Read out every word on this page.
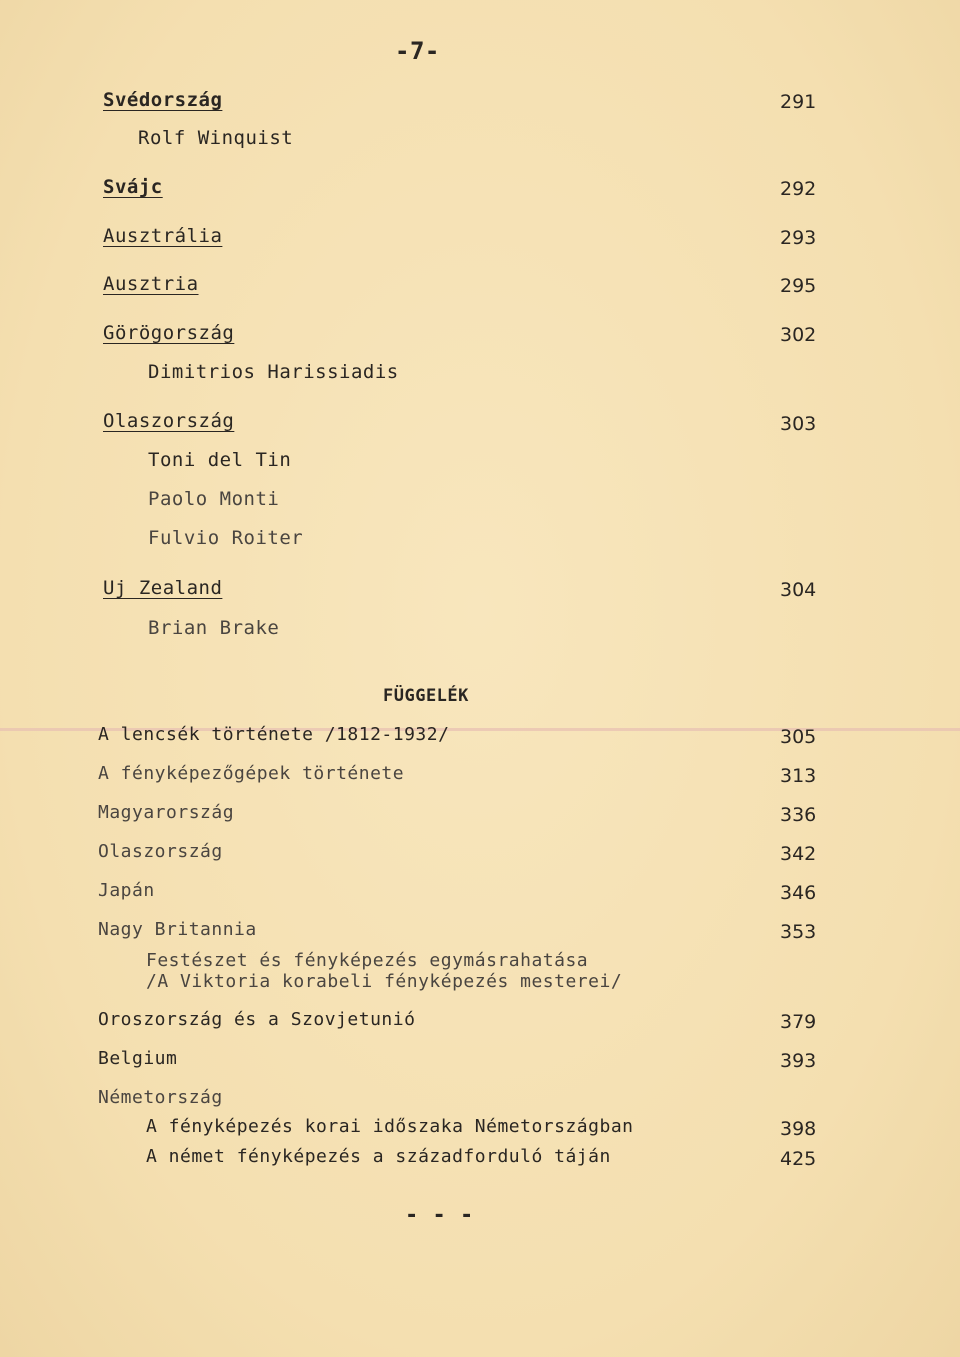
-7-
Svédország	291
Rolf Winquist
Svájc	292
Ausztrália	293
Ausztria	295
Görögország	302
Dimitrios Harissiadis
Olaszország	303
Toni del Tin
Paolo Monti
Fulvio Roiter
Uj Zealand	304
Brian Brake
FÜGGELÉK
A lencsék története /1812-1932/	305
A fényképezőgépek története	313
Magyarország	336
Olaszország	342
Japán	346
Nagy Britannia	353
Festészet és fényképezés egymásrahatása
/A Viktoria korabeli fényképezés mesterei/
Oroszország és a Szovjetunió	379
Belgium	393
Németország
A fényképezés korai időszaka Németországban	398
A német fényképezés a századforduló táján	425
- - -
